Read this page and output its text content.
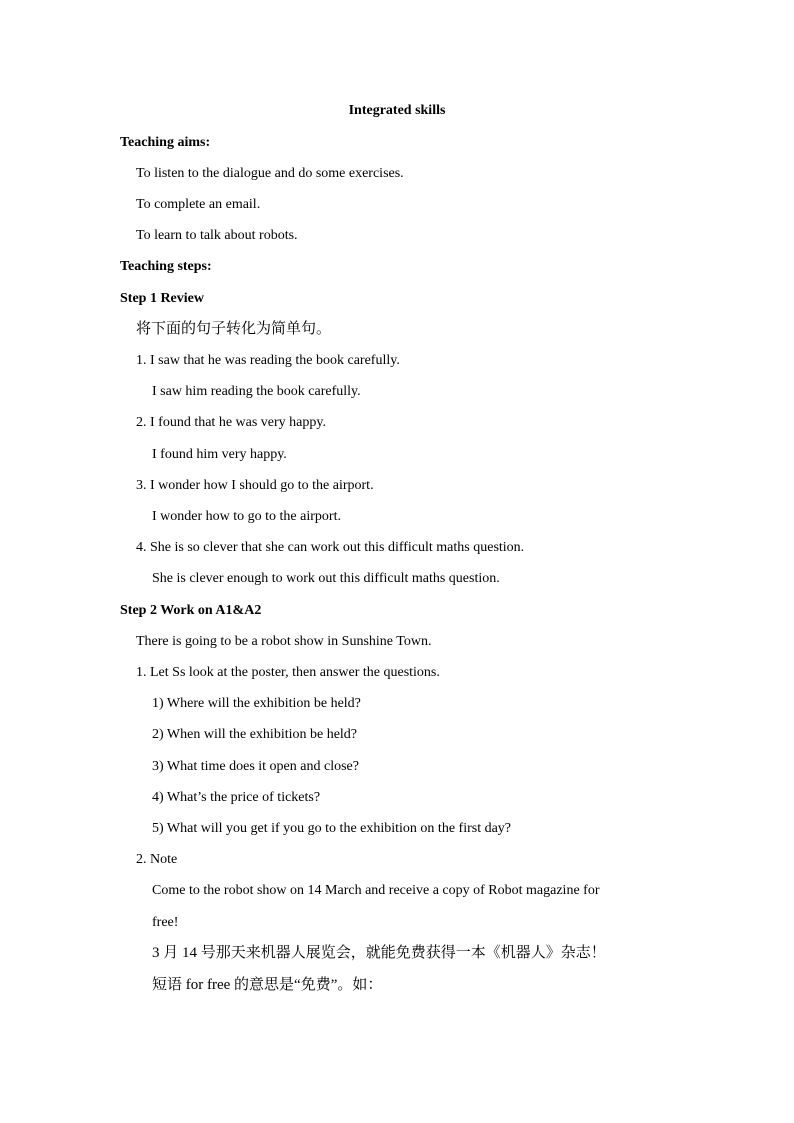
Integrated skills
Teaching aims:
To listen to the dialogue and do some exercises.
To complete an email.
To learn to talk about robots.
Teaching steps:
Step 1 Review
将下面的句子转化为简单句。
1. I saw that he was reading the book carefully.
I saw him reading the book carefully.
2. I found that he was very happy.
I found him very happy.
3. I wonder how I should go to the airport.
I wonder how to go to the airport.
4. She is so clever that she can work out this difficult maths question.
She is clever enough to work out this difficult maths question.
Step 2 Work on A1&A2
There is going to be a robot show in Sunshine Town.
1. Let Ss look at the poster, then answer the questions.
1) Where will the exhibition be held?
2) When will the exhibition be held?
3) What time does it open and close?
4) What’s the price of tickets?
5) What will you get if you go to the exhibition on the first day?
2. Note
Come to the robot show on 14 March and receive a copy of Robot magazine for
free!
3 月 14 号那天来机器人展览会，就能免费获得一本《机器人》杂志！
短语 for free 的意思是“免费”。如：
